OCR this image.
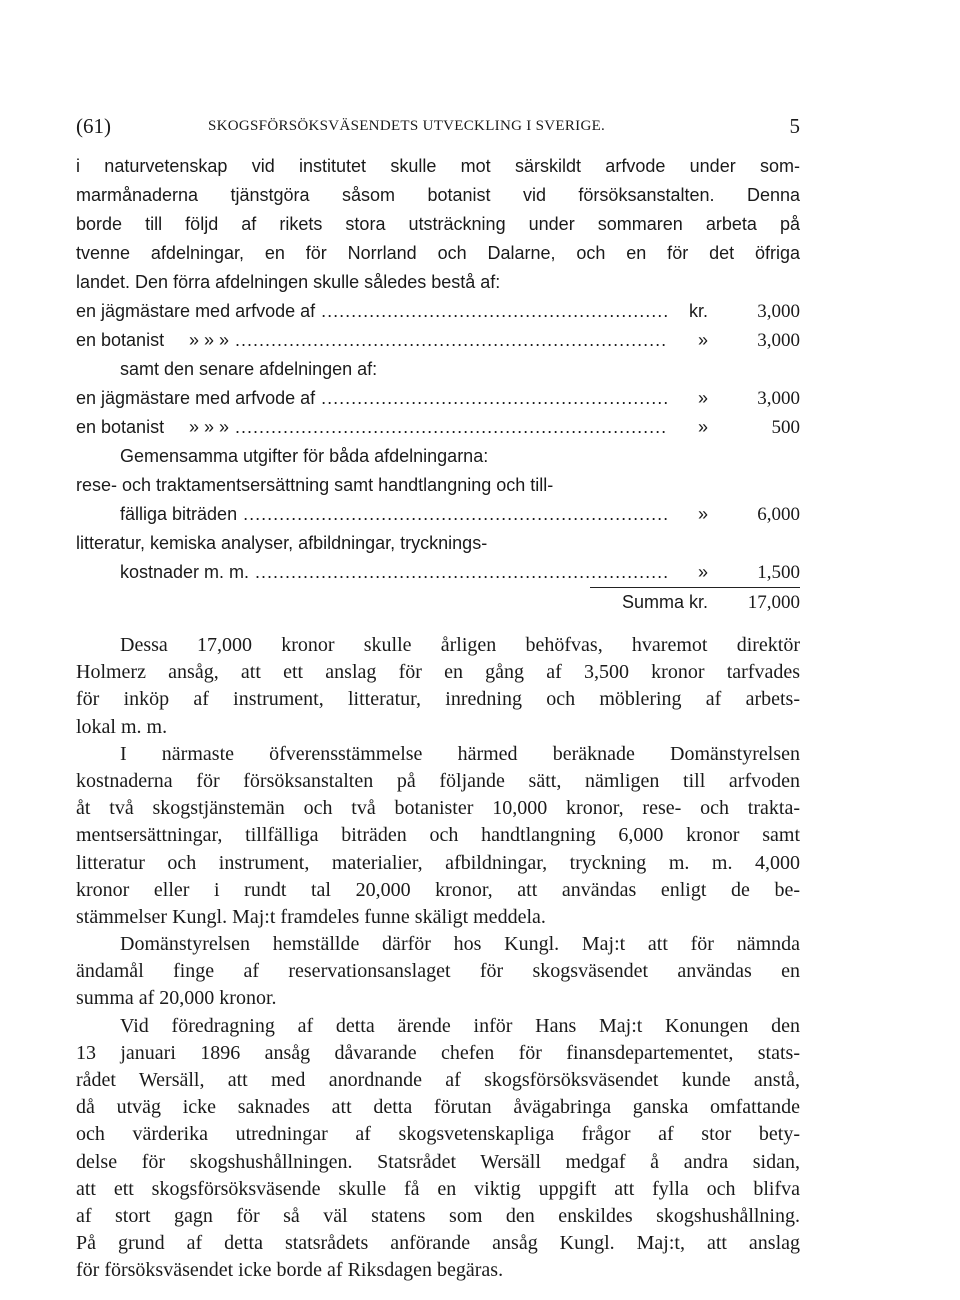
(61)	SKOGSFÖRSÖKSVÄSENDETS UTVECKLING I SVERIGE.	5
i naturvetenskap vid institutet skulle mot särskildt arfvode under som-
marmånaderna tjänstgöra såsom botanist vid försöksanstalten. Denna
borde till följd af rikets stora utsträckning under sommaren arbeta på
tvenne afdelningar, en för Norrland och Dalarne, och en för det öfriga
landet. Den förra afdelningen skulle således bestå af:
en jägmästare med arfvode af .....	kr.	3,000
en botanist » » » .....	»	3,000
samt den senare afdelningen af:
en jägmästare med arfvode af .....	»	3,000
en botanist » » » .....	»	500
Gemensamma utgifter för båda afdelningarna:
rese- och traktamentsersättning samt handtlangning och till-
fälliga biträden .....	»	6,000
litteratur, kemiska analyser, afbildningar, trycknings-
kostnader m. m. .....	»	1,500
Summa kr.	17,000
Dessa 17,000 kronor skulle årligen behöfvas, hvaremot direktör
Holmerz ansåg, att ett anslag för en gång af 3,500 kronor tarfvades
för inköp af instrument, litteratur, inredning och möblering af arbets-
lokal m. m.
I närmaste öfverensstämmelse härmed beräknade Domänstyrelsen
kostnaderna för försöksanstalten på följande sätt, nämligen till arfvoden
åt två skogstjänstemän och två botanister 10,000 kronor, rese- och trakta-
mentsersättningar, tillfälliga biträden och handtlangning 6,000 kronor samt
litteratur och instrument, materialier, afbildningar, tryckning m. m. 4,000
kronor eller i rundt tal 20,000 kronor, att användas enligt de be-
stämmelser Kungl. Maj:t framdeles funne skäligt meddela.
Domänstyrelsen hemställde därför hos Kungl. Maj:t att för nämnda
ändamål finge af reservationsanslaget för skogsväsendet användas en
summa af 20,000 kronor.
Vid föredragning af detta ärende inför Hans Maj:t Konungen den
13 januari 1896 ansåg dåvarande chefen för finansdepartementet, stats-
rådet Wersäll, att med anordnande af skogsförsöksväsendet kunde anstå,
då utväg icke saknades att detta förutan åvägabringa ganska omfattande
och värderika utredningar af skogsvetenskapliga frågor af stor bety-
delse för skogshushållningen. Statsrådet Wersäll medgaf å andra sidan,
att ett skogsförsöksväsende skulle få en viktig uppgift att fylla och blifva
af stort gagn för så väl statens som den enskildes skogshushållning.
På grund af detta statsrådets anförande ansåg Kungl. Maj:t, att anslag
för försöksväsendet icke borde af Riksdagen begäras.
